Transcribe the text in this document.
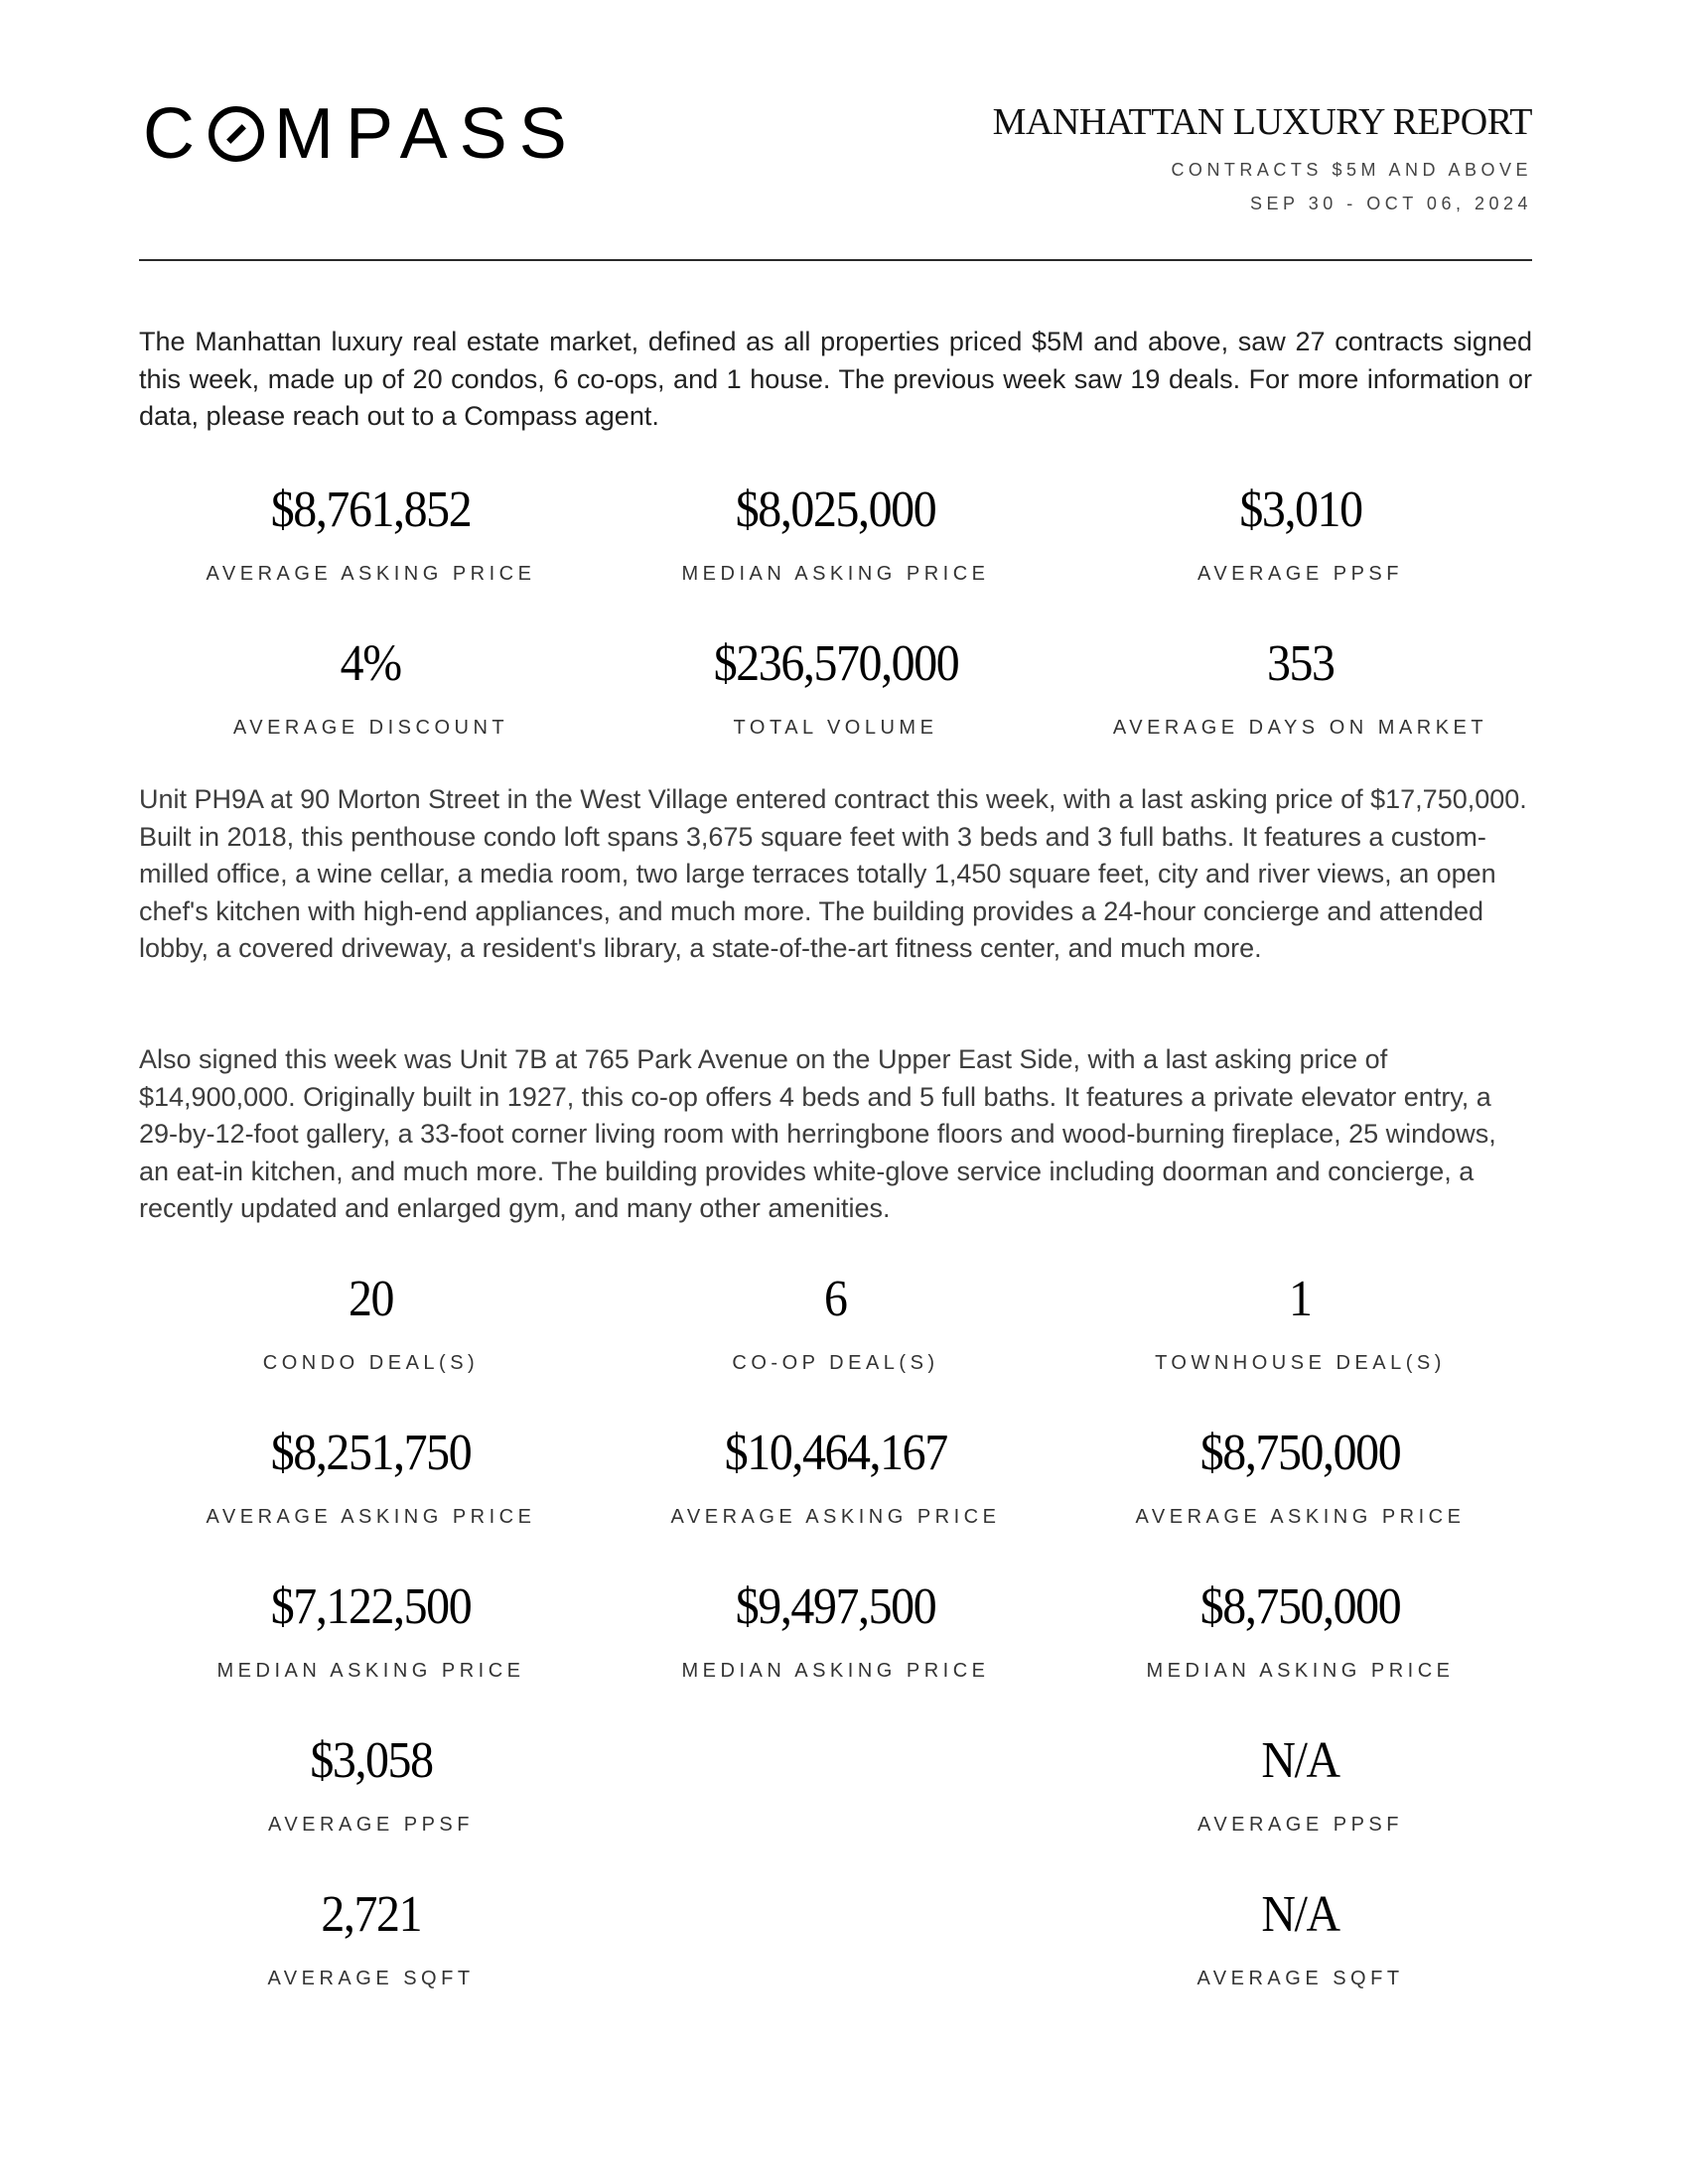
C MPASS	MANHATTAN LUXURY REPORT
CONTRACTS $5M AND ABOVE
SEP 30 - OCT 06, 2024

The Manhattan luxury real estate market, defined as all properties priced $5M and above, saw 27 contracts signed this week, made up of 20 condos, 6 co-ops, and 1 house. The previous week saw 19 deals. For more information or data, please reach out to a Compass agent.

$8,761,852
AVERAGE ASKING PRICE
$8,025,000
MEDIAN ASKING PRICE
$3,010
AVERAGE PPSF
4%
AVERAGE DISCOUNT
$236,570,000
TOTAL VOLUME
353
AVERAGE DAYS ON MARKET

Unit PH9A at 90 Morton Street in the West Village entered contract this week, with a last asking price of $17,750,000. Built in 2018, this penthouse condo loft spans 3,675 square feet with 3 beds and 3 full baths. It features a custom-milled office, a wine cellar, a media room, two large terraces totally 1,450 square feet, city and river views, an open chef's kitchen with high-end appliances, and much more. The building provides a 24-hour concierge and attended lobby, a covered driveway, a resident's library, a state-of-the-art fitness center, and much more.

Also signed this week was Unit 7B at 765 Park Avenue on the Upper East Side, with a last asking price of $14,900,000. Originally built in 1927, this co-op offers 4 beds and 5 full baths. It features a private elevator entry, a 29-by-12-foot gallery, a 33-foot corner living room with herringbone floors and wood-burning fireplace, 25 windows, an eat-in kitchen, and much more. The building provides white-glove service including doorman and concierge, a recently updated and enlarged gym, and many other amenities.

20
CONDO DEAL(S)
6
CO-OP DEAL(S)
1
TOWNHOUSE DEAL(S)
$8,251,750
AVERAGE ASKING PRICE
$10,464,167
AVERAGE ASKING PRICE
$8,750,000
AVERAGE ASKING PRICE
$7,122,500
MEDIAN ASKING PRICE
$9,497,500
MEDIAN ASKING PRICE
$8,750,000
MEDIAN ASKING PRICE
$3,058
AVERAGE PPSF
N/A
AVERAGE PPSF
2,721
AVERAGE SQFT
N/A
AVERAGE SQFT
